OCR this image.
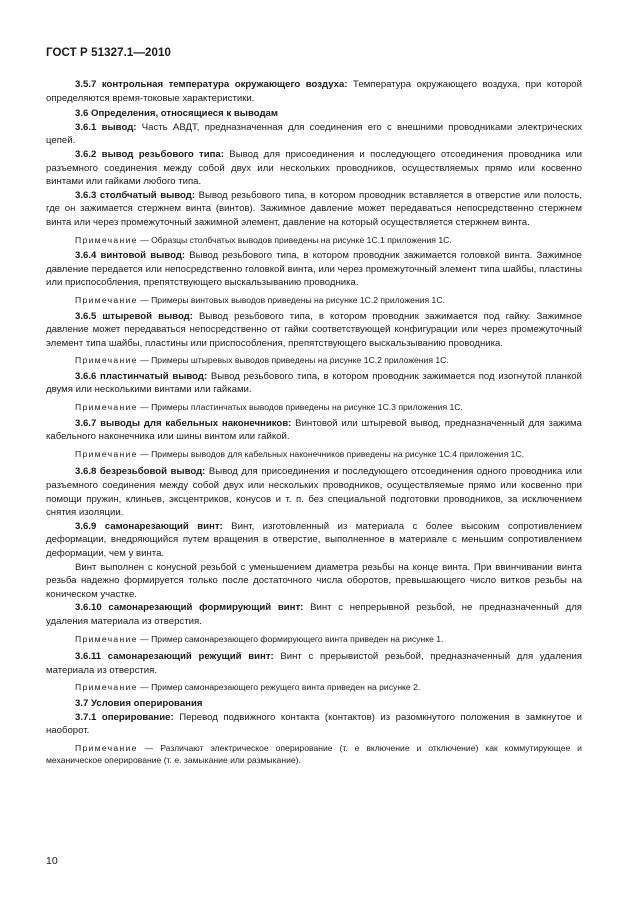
ГОСТ Р 51327.1—2010

3.5.7 контрольная температура окружающего воздуха: Температура окружающего воздуха, при которой определяются время-токовые характеристики.

3.6 Определения, относящиеся к выводам

3.6.1 вывод: Часть АВДТ, предназначенная для соединения его с внешними проводниками электрических цепей.

3.6.2 вывод резьбового типа: Вывод для присоединения и последующего отсоединения проводника или разъемного соединения между собой двух или нескольких проводников, осуществляемых прямо или косвенно винтами или гайками любого типа.

3.6.3 столбчатый вывод: Вывод резьбового типа, в котором проводник вставляется в отверстие или полость, где он зажимается стержнем винта (винтов). Зажимное давление может передаваться непосредственно стержнем винта или через промежуточный зажимной элемент, давление на который осуществляется стержнем винта.

Примечание — Образцы столбчатых выводов приведены на рисунке 1С.1 приложения 1С.

3.6.4 винтовой вывод: Вывод резьбового типа, в котором проводник зажимается головкой винта. Зажимное давление передается или непосредственно головкой винта, или через промежуточный элемент типа шайбы, пластины или приспособления, препятствующего выскальзыванию проводника.

Примечание — Примеры винтовых выводов приведены на рисунке 1С.2 приложения 1С.

3.6.5 штыревой вывод: Вывод резьбового типа, в котором проводник зажимается под гайку. Зажимное давление может передаваться непосредственно от гайки соответствующей конфигурации или через промежуточный элемент типа шайбы, пластины или приспособления, препятствующего выскальзыванию проводника.

Примечание — Примеры штыревых выводов приведены на рисунке 1С.2 приложения 1С.

3.6.6 пластинчатый вывод: Вывод резьбового типа, в котором проводник зажимается под изогнутой планкой двумя или несколькими винтами или гайками.

Примечание — Примеры пластинчатых выводов приведены на рисунке 1С.3 приложения 1С.

3.6.7 выводы для кабельных наконечников: Винтовой или штыревой вывод, предназначенный для зажима кабельного наконечника или шины винтом или гайкой.

Примечание — Примеры выводов для кабельных наконечников приведены на рисунке 1С.4 приложения 1С.

3.6.8 безрезьбовой вывод: Вывод для присоединения и последующего отсоединения одного проводника или разъемного соединения между собой двух или нескольких проводников, осуществляемые прямо или косвенно при помощи пружин, клиньев, эксцентриков, конусов и т. п. без специальной подготовки проводников, за исключением снятия изоляции.

3.6.9 самонарезающий винт: Винт, изготовленный из материала с более высоким сопротивлением деформации, внедряющийся путем вращения в отверстие, выполненное в материале с меньшим сопротивлением деформации, чем у винта.

Винт выполнен с конусной резьбой с уменьшением диаметра резьбы на конце винта. При ввинчивании винта резьба надежно формируется только после достаточного числа оборотов, превышающего число витков резьбы на коническом участке.

3.6.10 самонарезающий формирующий винт: Винт с непрерывной резьбой, не предназначенный для удаления материала из отверстия.

Примечание — Пример самонарезающего формирующего винта приведен на рисунке 1.

3.6.11 самонарезающий режущий винт: Винт с прерывистой резьбой, предназначенный для удаления материала из отверстия.

Примечание — Пример самонарезающего режущего винта приведен на рисунке 2.

3.7 Условия оперирования

3.7.1 оперирование: Перевод подвижного контакта (контактов) из разомкнутого положения в замкнутое и наоборот.

Примечание — Различают электрическое оперирование (т. е включение и отключение) как коммутирующее и механическое оперирование (т. е. замыкание или размыкание).

10
